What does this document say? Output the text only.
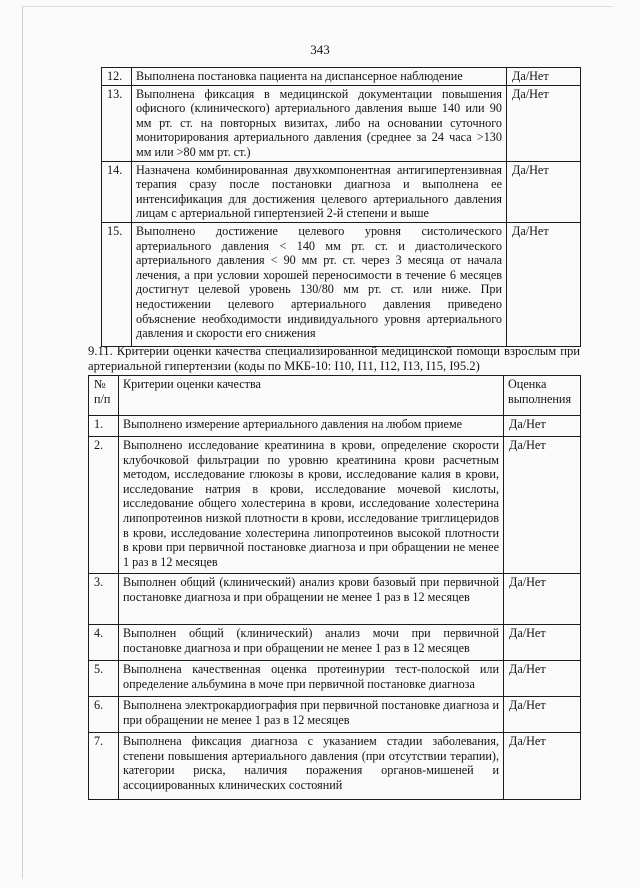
343
12.	Выполнена постановка пациента на диспансерное наблюдение	Да/Нет
13.	Выполнена фиксация в медицинской документации повышения офисного (клинического) артериального давления выше 140 или 90 мм рт. ст. на повторных визитах, либо на основании суточного мониторирования артериального давления (среднее за 24 часа >130 мм или >80 мм рт. ст.)	Да/Нет
14.	Назначена комбинированная двухкомпонентная антигипертензивная терапия сразу после постановки диагноза и выполнена ее интенсификация для достижения целевого артериального давления лицам с артериальной гипертензией 2-й степени и выше	Да/Нет
15.	Выполнено достижение целевого уровня систолического артериального давления < 140 мм рт. ст. и диастолического артериального давления < 90 мм рт. ст. через 3 месяца от начала лечения, а при условии хорошей переносимости в течение 6 месяцев достигнут целевой уровень 130/80 мм рт. ст. или ниже. При недостижении целевого артериального давления приведено объяснение необходимости индивидуального уровня артериального давления и скорости его снижения	Да/Нет
9.11. Критерии оценки качества специализированной медицинской помощи взрослым при артериальной гипертензии (коды по МКБ-10: I10, I11, I12, I13, I15, I95.2)
№ п/п	Критерии оценки качества	Оценка выполнения
1.	Выполнено измерение артериального давления на любом приеме	Да/Нет
2.	Выполнено исследование креатинина в крови, определение скорости клубочковой фильтрации по уровню креатинина крови расчетным методом, исследование глюкозы в крови, исследование калия в крови, исследование натрия в крови, исследование мочевой кислоты, исследование общего холестерина в крови, исследование холестерина липопротеинов низкой плотности в крови, исследование триглицеридов в крови, исследование холестерина липопротеинов высокой плотности в крови при первичной постановке диагноза и при обращении не менее 1 раз в 12 месяцев	Да/Нет
3.	Выполнен общий (клинический) анализ крови базовый при первичной постановке диагноза и при обращении не менее 1 раз в 12 месяцев	Да/Нет
4.	Выполнен общий (клинический) анализ мочи при первичной постановке диагноза и при обращении не менее 1 раз в 12 месяцев	Да/Нет
5.	Выполнена качественная оценка протеинурии тест-полоской или определение альбумина в моче при первичной постановке диагноза	Да/Нет
6.	Выполнена электрокардиография при первичной постановке диагноза и при обращении не менее 1 раз в 12 месяцев	Да/Нет
7.	Выполнена фиксация диагноза с указанием стадии заболевания, степени повышения артериального давления (при отсутствии терапии), категории риска, наличия поражения органов-мишеней и ассоциированных клинических состояний	Да/Нет
